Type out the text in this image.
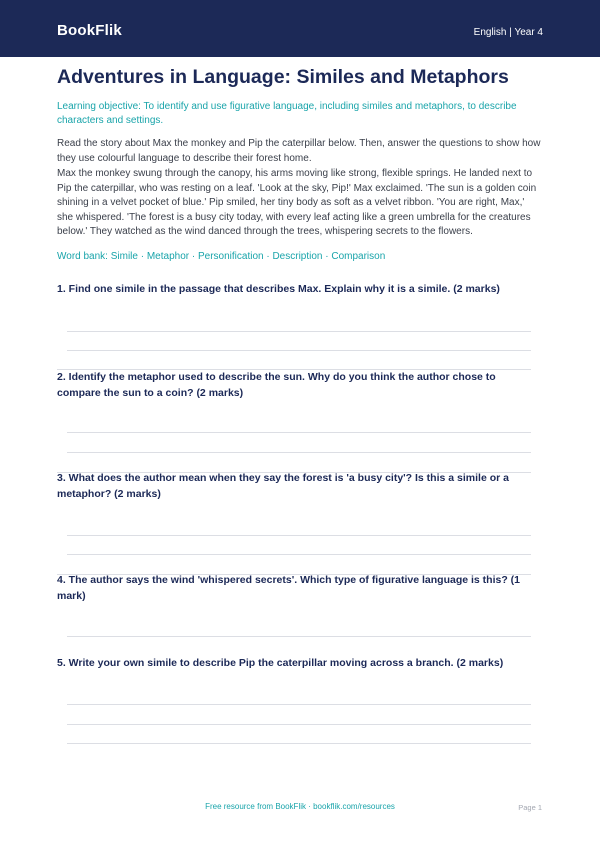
BookFlik	English | Year 4
Adventures in Language: Similes and Metaphors

Learning objective: To identify and use figurative language, including similes and metaphors, to describe characters and settings.

Read the story about Max the monkey and Pip the caterpillar below. Then, answer the questions to show how they use colourful language to describe their forest home.

Max the monkey swung through the canopy, his arms moving like strong, flexible springs. He landed next to Pip the caterpillar, who was resting on a leaf. 'Look at the sky, Pip!' Max exclaimed. 'The sun is a golden coin shining in a velvet pocket of blue.' Pip smiled, her tiny body as soft as a velvet ribbon. 'You are right, Max,' she whispered. 'The forest is a busy city today, with every leaf acting like a green umbrella for the creatures below.' They watched as the wind danced through the trees, whispering secrets to the flowers.

Word bank: Simile · Metaphor · Personification · Description · Comparison

1. Find one simile in the passage that describes Max. Explain why it is a simile. (2 marks)

2. Identify the metaphor used to describe the sun. Why do you think the author chose to compare the sun to a coin? (2 marks)

3. What does the author mean when they say the forest is 'a busy city'? Is this a simile or a metaphor? (2 marks)

4. The author says the wind 'whispered secrets'. Which type of figurative language is this? (1 mark)

5. Write your own simile to describe Pip the caterpillar moving across a branch. (2 marks)

Free resource from BookFlik · bookflik.com/resources	Page 1
